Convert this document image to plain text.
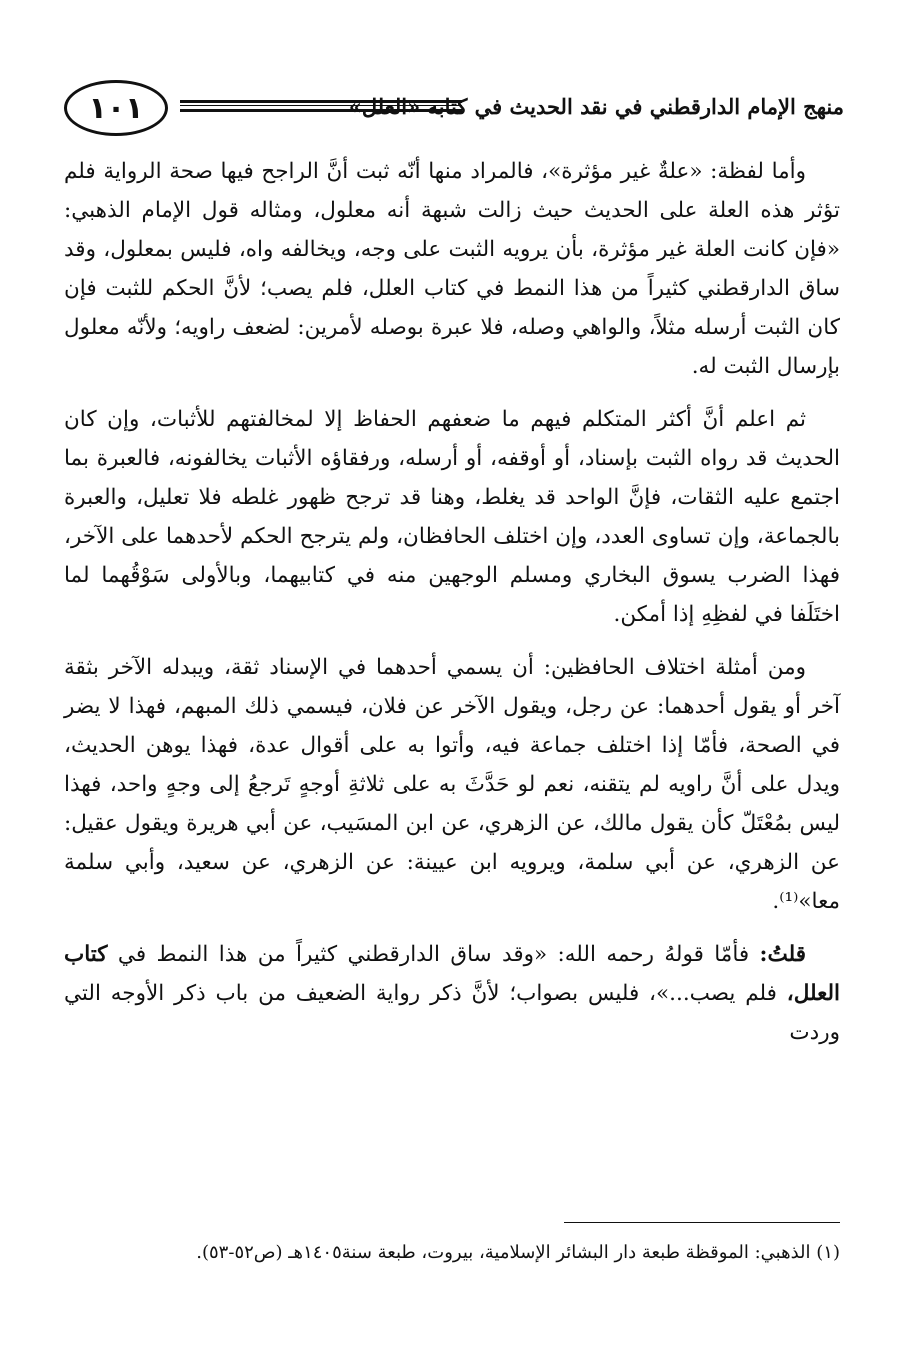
١٠١	منهج الإمام الدارقطني في نقد الحديث في كتابه «العلل»

وأما لفظة: «علةٌ غير مؤثرة»، فالمراد منها أنّه ثبت أنَّ الراجح فيها صحة الرواية فلم تؤثر هذه العلة على الحديث حيث زالت شبهة أنه معلول، ومثاله قول الإمام الذهبي: «فإن كانت العلة غير مؤثرة، بأن يرويه الثبت على وجه، ويخالفه واه، فليس بمعلول، وقد ساق الدارقطني كثيراً من هذا النمط في كتاب العلل، فلم يصب؛ لأنَّ الحكم للثبت فإن كان الثبت أرسله مثلاً، والواهي وصله، فلا عبرة بوصله لأمرين: لضعف راويه؛ ولأنّه معلول بإرسال الثبت له.

ثم اعلم أنَّ أكثر المتكلم فيهم ما ضعفهم الحفاظ إلا لمخالفتهم للأثبات، وإن كان الحديث قد رواه الثبت بإسناد، أو أوقفه، أو أرسله، ورفقاؤه الأثبات يخالفونه، فالعبرة بما اجتمع عليه الثقات، فإنَّ الواحد قد يغلط، وهنا قد ترجح ظهور غلطه فلا تعليل، والعبرة بالجماعة، وإن تساوى العدد، وإن اختلف الحافظان، ولم يترجح الحكم لأحدهما على الآخر، فهذا الضرب يسوق البخاري ومسلم الوجهين منه في كتابيهما، وبالأولى سَوْقُهما لما اختَلَفا في لفظِهِ إذا أمكن.

ومن أمثلة اختلاف الحافظين: أن يسمي أحدهما في الإسناد ثقة، ويبدله الآخر بثقة آخر أو يقول أحدهما: عن رجل، ويقول الآخر عن فلان، فيسمي ذلك المبهم، فهذا لا يضر في الصحة، فأمّا إذا اختلف جماعة فيه، وأتوا به على أقوال عدة، فهذا يوهن الحديث، ويدل على أنَّ راويه لم يتقنه، نعم لو حَدَّثَ به على ثلاثةِ أوجهٍ تَرجعُ إلى وجهٍ واحد، فهذا ليس بمُعْتَلّ كأن يقول مالك، عن الزهري، عن ابن المسَيب، عن أبي هريرة ويقول عقيل: عن الزهري، عن أبي سلمة، ويرويه ابن عيينة: عن الزهري، عن سعيد، وأبي سلمة معا»⁽¹⁾.

قلتُ: فأمّا قولهُ رحمه الله: «وقد ساق الدارقطني كثيراً من هذا النمط في كتاب العلل، فلم يصب...»، فليس بصواب؛ لأنَّ ذكر رواية الضعيف من باب ذكر الأوجه التي وردت

(١) الذهبي: الموقظة طبعة دار البشائر الإسلامية، بيروت، طبعة سنة١٤٠٥هـ (ص٥٢-٥٣).
